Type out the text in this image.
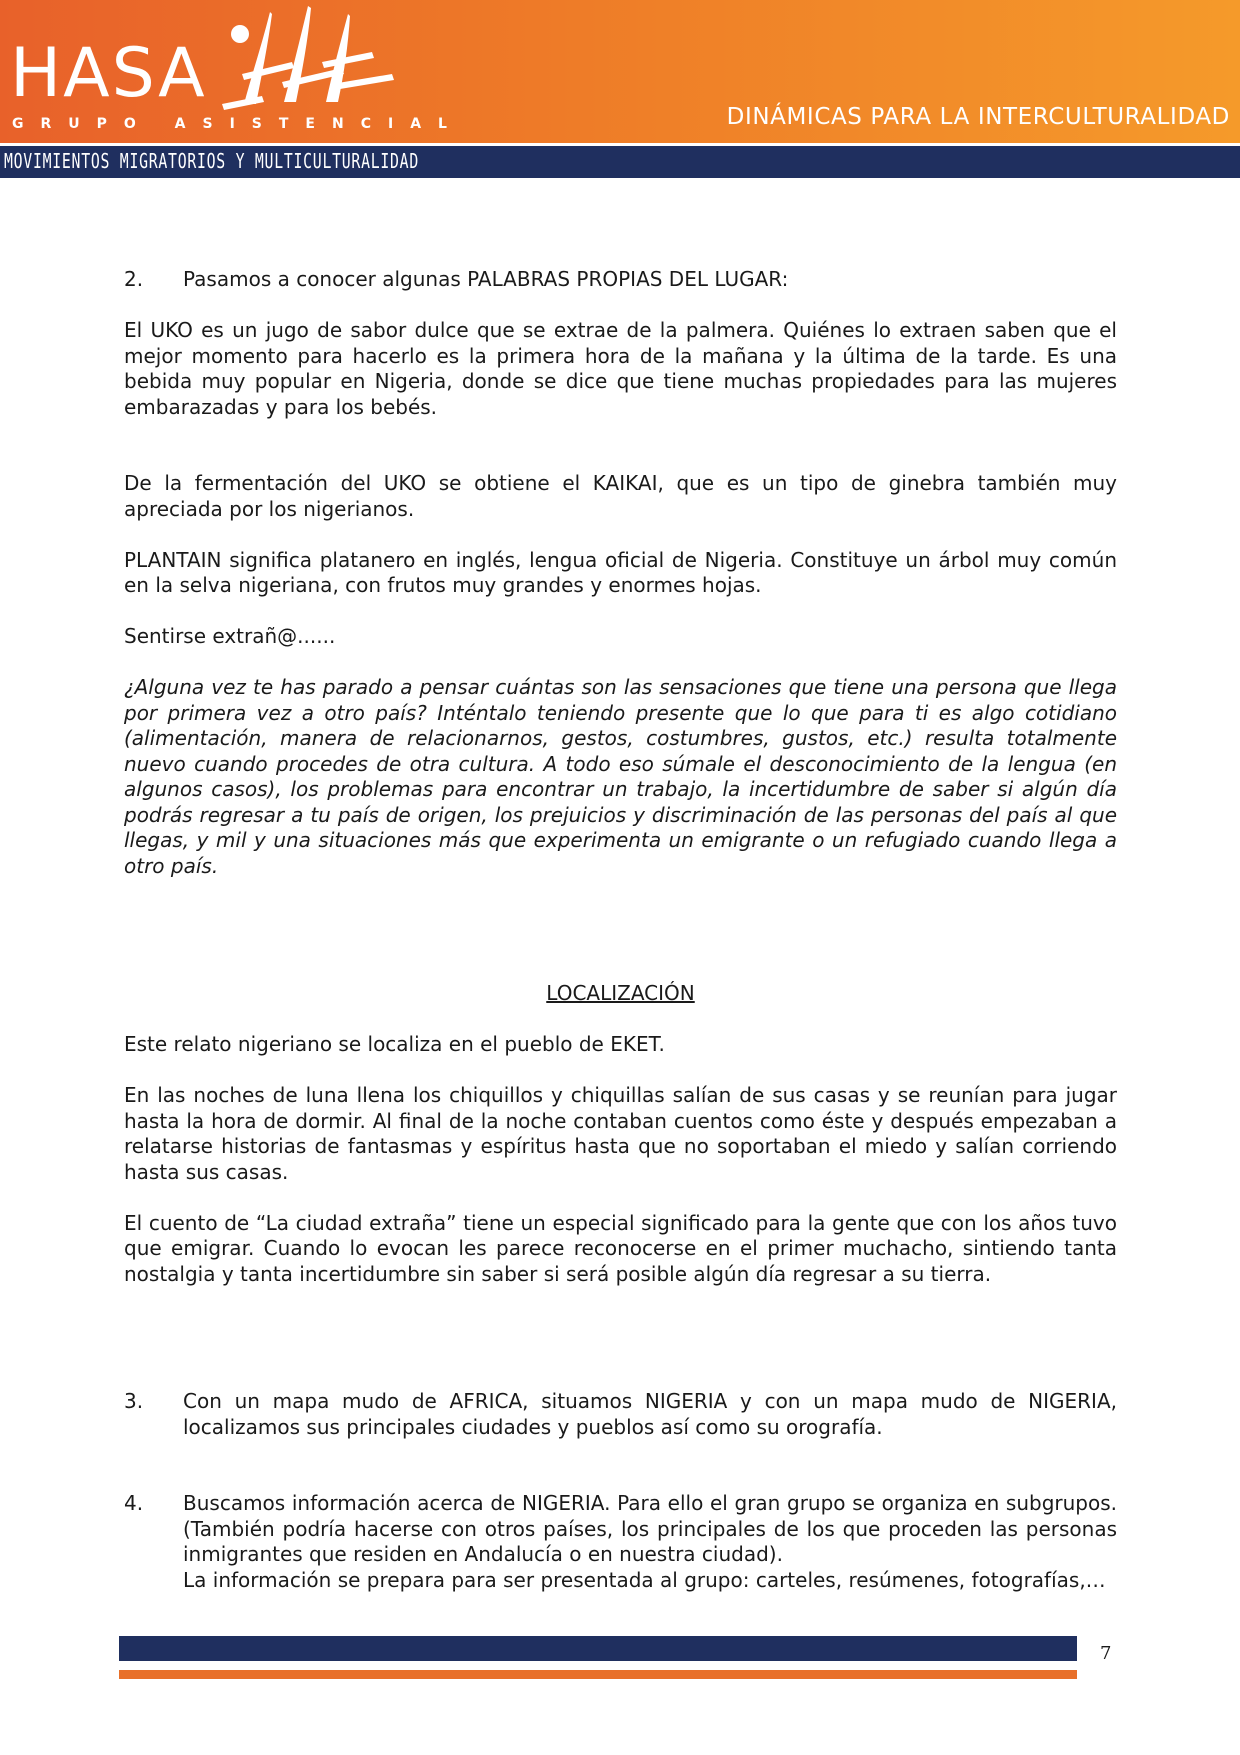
HASA
GRUPO ASISTENCIAL	DINÁMICAS PARA LA INTERCULTURALIDAD
MOVIMIENTOS MIGRATORIOS Y MULTICULTURALIDAD
2.	Pasamos a conocer algunas PALABRAS PROPIAS DEL LUGAR:

El UKO es un jugo de sabor dulce que se extrae de la palmera. Quiénes lo extraen saben que el mejor momento para hacerlo es la primera hora de la mañana y la última de la tarde. Es una bebida muy popular en Nigeria, donde se dice que tiene muchas propiedades para las mujeres embarazadas y para los bebés.

De la fermentación del UKO se obtiene el KAIKAI, que es un tipo de ginebra también muy apreciada por los nigerianos.

PLANTAIN significa platanero en inglés, lengua oficial de Nigeria. Constituye un árbol muy común en la selva nigeriana, con frutos muy grandes y enormes hojas.

Sentirse extrañ@......

¿Alguna vez te has parado a pensar cuántas son las sensaciones que tiene una persona que llega por primera vez a otro país? Inténtalo teniendo presente que lo que para ti es algo cotidiano (alimentación, manera de relacionarnos, gestos, costumbres, gustos, etc.) resulta totalmente nuevo cuando procedes de otra cultura. A todo eso súmale el desconocimiento de la lengua (en algunos casos), los problemas para encontrar un trabajo, la incertidumbre de saber si algún día podrás regresar a tu país de origen, los prejuicios y discriminación de las personas del país al que llegas, y mil y una situaciones más que experimenta un emigrante o un refugiado cuando llega a otro país.

LOCALIZACIÓN

Este relato nigeriano se localiza en el pueblo de EKET.

En las noches de luna llena los chiquillos y chiquillas salían de sus casas y se reunían para jugar hasta la hora de dormir. Al final de la noche contaban cuentos como éste y después empezaban a relatarse historias de fantasmas y espíritus hasta que no soportaban el miedo y salían corriendo hasta sus casas.

El cuento de “La ciudad extraña” tiene un especial significado para la gente que con los años tuvo que emigrar. Cuando lo evocan les parece reconocerse en el primer muchacho, sintiendo tanta nostalgia y tanta incertidumbre sin saber si será posible algún día regresar a su tierra.

3.	Con un mapa mudo de AFRICA, situamos NIGERIA y con un mapa mudo de NIGERIA, localizamos sus principales ciudades y pueblos así como su orografía.
4.	Buscamos información acerca de NIGERIA. Para ello el gran grupo se organiza en subgrupos. (También podría hacerse con otros países, los principales de los que proceden las personas inmigrantes que residen en Andalucía o en nuestra ciudad).
La información se prepara para ser presentada al grupo: carteles, resúmenes, fotografías,…
7
